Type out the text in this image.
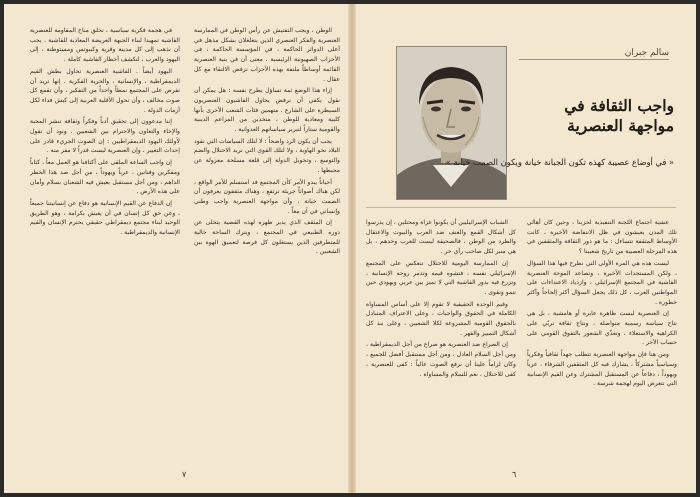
الوطن ، ويجب التفتيش عن رأس الوطن في الممارسة العنصرية والفكر العنصري الذين يتغلغلان بشكل مذهل في أعلى الدوائر الحاكمة ، في المؤسسة الحاكمة ، في الأحزاب الصهيونية الرئيسية . معنى أن في بنية العنصرية القائمة أوساطاً ملتفة بهذه الأحزاب ترفض الالتقاء مع كل عقال .

إزاء هذا الوضع ثمة تساؤل يطرح نفسه : هل يمكن أن نقول يكفي أن نرفض يحاول الفاشيون العنصريون السيطرة على الشارع . متهمين فئات الشعب الأخرى بأنها كلبية ومعادية للوطن ، متخذين من المزاعم الدينية والقومية ستاراً لتبرير سياساتهم العدوانية .

يجب أن يكون الرد واضحاً : لا لتلك السياسات التي تقود البلاد نحو الهاوية ، ولا لتلك القوى التي تريد الاحتلال والضم والتوسع ، وتحويل الدولة إلى قلعة مسلحة معزولة عن محيطها .

أحياناً يبدو الأمر كأن المجتمع قد استسلم للأمر الواقع ، لكن هناك أصواتاً جريئة ترتفع ، وهناك مثقفون يعرفون أن الصمت خيانة ، وأن مواجهة العنصرية واجب وطني وإنساني في آن معاً .

إن المثقف الذي يدير ظهره لهذه القضية يتخلى عن دوره الطبيعي في المجتمع ، ويترك الساحة خالية للمتطرفين الذين يستغلون كل فرصة لتعميق الهوة بين الشعبين .

في هجمة فكرية سياسية ، تخلق مناخ المقاومة للعنصرية الفاشية تمهيدا لبناء الجبهة العريضة المعادية للفاشية . يجب أن نذهب إلى كل مدينة وقرية وكيبوتس ومستوطنة ، إلى اليهود والعرب ، لنكشف أخطار الفاشية كاملة .

اليهود أيضاً . الفاشية العنصرية تحاول بطش القيم الديمقراطية ، والإنسانية ، والحرية الفكرية . إنها تريد أن تفرض على المجتمع نمطاً واحداً من التفكير ، وأن تقمع كل صوت مخالف ، وأن تحول الأقلية العربية إلى كبش فداء لكل أزمات الدولة .

إننا مدعوون إلى تحقيق أدباً وفكراً وثقافة تنشر المحبة والإخاء والتعاون والاحترام بين الشعبين . ونود أن نقول لأولئك اليهود الديمقراطيين : إن الصوت الجريء قادر على إحداث التغيير ، وإن العنصرية ليست قدراً لا مفر منه .

إن واجب الساعة الملقى على أكتافنا هو العمل معاً ، كتاباً ومفكرين وفنانين ، عرباً ويهوداً ، من أجل صد هذا الخطر الداهم ، ومن أجل مستقبل يعيش فيه الشعبان بسلام وأمان على هذه الأرض .

إن الدفاع عن القيم الإنسانية هو دفاع عن إنسانيتنا جميعاً ، وعن حق كل إنسان في أن يعيش بكرامة ، وهو الطريق الوحيد لبناء مجتمع ديمقراطي حقيقي يحترم الإنسان والقيم الإنسانية والديمقراطية .

٧
سالم جبران
واجب الثقافة في مواجهة العنصرية
« في أوضاع عصيبة كهذه تكون الجبانة خيانة ويكون الصمت خيانة »

عشية اجتماع اللجنة التنفيذية لحزبنا ، وحين كان أهالي تلك المدن يعيشون في ظل الانتفاضة الأخيرة ، كانت الأوساط المثقفة تتساءل : ما هو دور الثقافة والمثقفين في هذه المرحلة العصيبة من تاريخ شعبينا ؟

ليست هذه هي المرة الأولى التي نطرح فيها هذا السؤال ، ولكن المستجدات الأخيرة ، وتصاعد الموجة العنصرية الفاشية في المجتمع الإسرائيلي ، وازدياد الاعتداءات على المواطنين العرب ، كل ذلك يجعل السؤال أكثر إلحاحاً وأكثر خطورة .

إن العنصرية ليست ظاهرة عابرة أو هامشية ، بل هي نتاج سياسة رسمية متواصلة ، ونتاج ثقافة تربّي على الكراهية والاستعلاء ، وتغذّي الشعور بالتفوق القومي على حساب الآخر .

ومن هنا فإن مواجهة العنصرية تتطلب جهداً ثقافياً وفكرياً وسياسياً مشتركاً ، يشارك فيه كل المثقفين الشرفاء ، عرباً ويهوداً ، دفاعاً عن المستقبل المشترك وعن القيم الإنسانية التي تتعرض اليوم لهجمة شرسة .

الشباب الإسرائيليين أن يكونوا غزاة ومحتلين ، إن يدرسوا كل أشكال القمع والعنف ضد العرب والبيوت والاعتقال والطرد من الوطن ، فالصحيفة ليست للعرب وحدهم ، بل هي منبر لكل صاحب رأي حر .

إن الممارسة اليومية للاحتلال تنعكس على المجتمع الإسرائيلي نفسه ، فتشوه قيمه وتدمر روحه الإنسانية ، وتزرع فيه بذور الفاشية التي لا تميز بين عربي ويهودي حين تنمو وتقوى .

وقيم الوحدة الحقيقية لا تقوم إلا على أساس المساواة الكاملة في الحقوق والواجبات ، وعلى الاعتراف المتبادل بالحقوق القومية المشروعة لكلا الشعبين ، وعلى نبذ كل أشكال التمييز والقهر .

إن الصراع ضد العنصرية هو صراع من أجل الديمقراطية ، ومن أجل السلام العادل ، ومن أجل مستقبل أفضل للجميع ، وكان لزاماً علينا أن نرفع الصوت عالياً : كفى للعنصرية ، كفى للاحتلال ، نعم للسلام والمساواة .

٦
